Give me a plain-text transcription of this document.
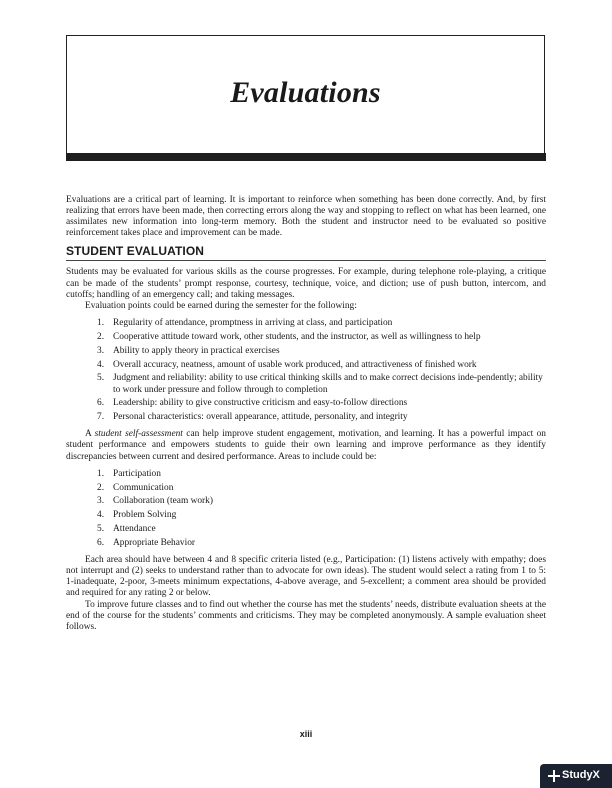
Evaluations

Evaluations are a critical part of learning. It is important to reinforce when something has been done correctly. And, by first realizing that errors have been made, then correcting errors along the way and stopping to reflect on what has been learned, one assimilates new information into long-term memory. Both the student and instructor need to be evaluated so positive reinforcement takes place and improvement can be made.

STUDENT EVALUATION

Students may be evaluated for various skills as the course progresses. For example, during telephone role-playing, a critique can be made of the students’ prompt response, courtesy, technique, voice, and diction; use of push button, intercom, and cutoffs; handling of an emergency call; and taking messages.

Evaluation points could be earned during the semester for the following:

1. Regularity of attendance, promptness in arriving at class, and participation
2. Cooperative attitude toward work, other students, and the instructor, as well as willingness to help
3. Ability to apply theory in practical exercises
4. Overall accuracy, neatness, amount of usable work produced, and attractiveness of finished work
5. Judgment and reliability: ability to use critical thinking skills and to make correct decisions inde-pendently; ability to work under pressure and follow through to completion
6. Leadership: ability to give constructive criticism and easy-to-follow directions
7. Personal characteristics: overall appearance, attitude, personality, and integrity

A student self-assessment can help improve student engagement, motivation, and learning. It has a powerful impact on student performance and empowers students to guide their own learning and improve performance as they identify discrepancies between current and desired performance. Areas to include could be:

1. Participation
2. Communication
3. Collaboration (team work)
4. Problem Solving
5. Attendance
6. Appropriate Behavior

Each area should have between 4 and 8 specific criteria listed (e.g., Participation: (1) listens actively with empathy; does not interrupt and (2) seeks to understand rather than to advocate for own ideas). The student would select a rating from 1 to 5: 1-inadequate, 2-poor, 3-meets minimum expectations, 4-above average, and 5-excellent; a comment area should be provided and required for any rating 2 or below.

To improve future classes and to find out whether the course has met the students’ needs, distribute evaluation sheets at the end of the course for the students’ comments and criticisms. They may be completed anonymously. A sample evaluation sheet follows.

xiii
StudyX
